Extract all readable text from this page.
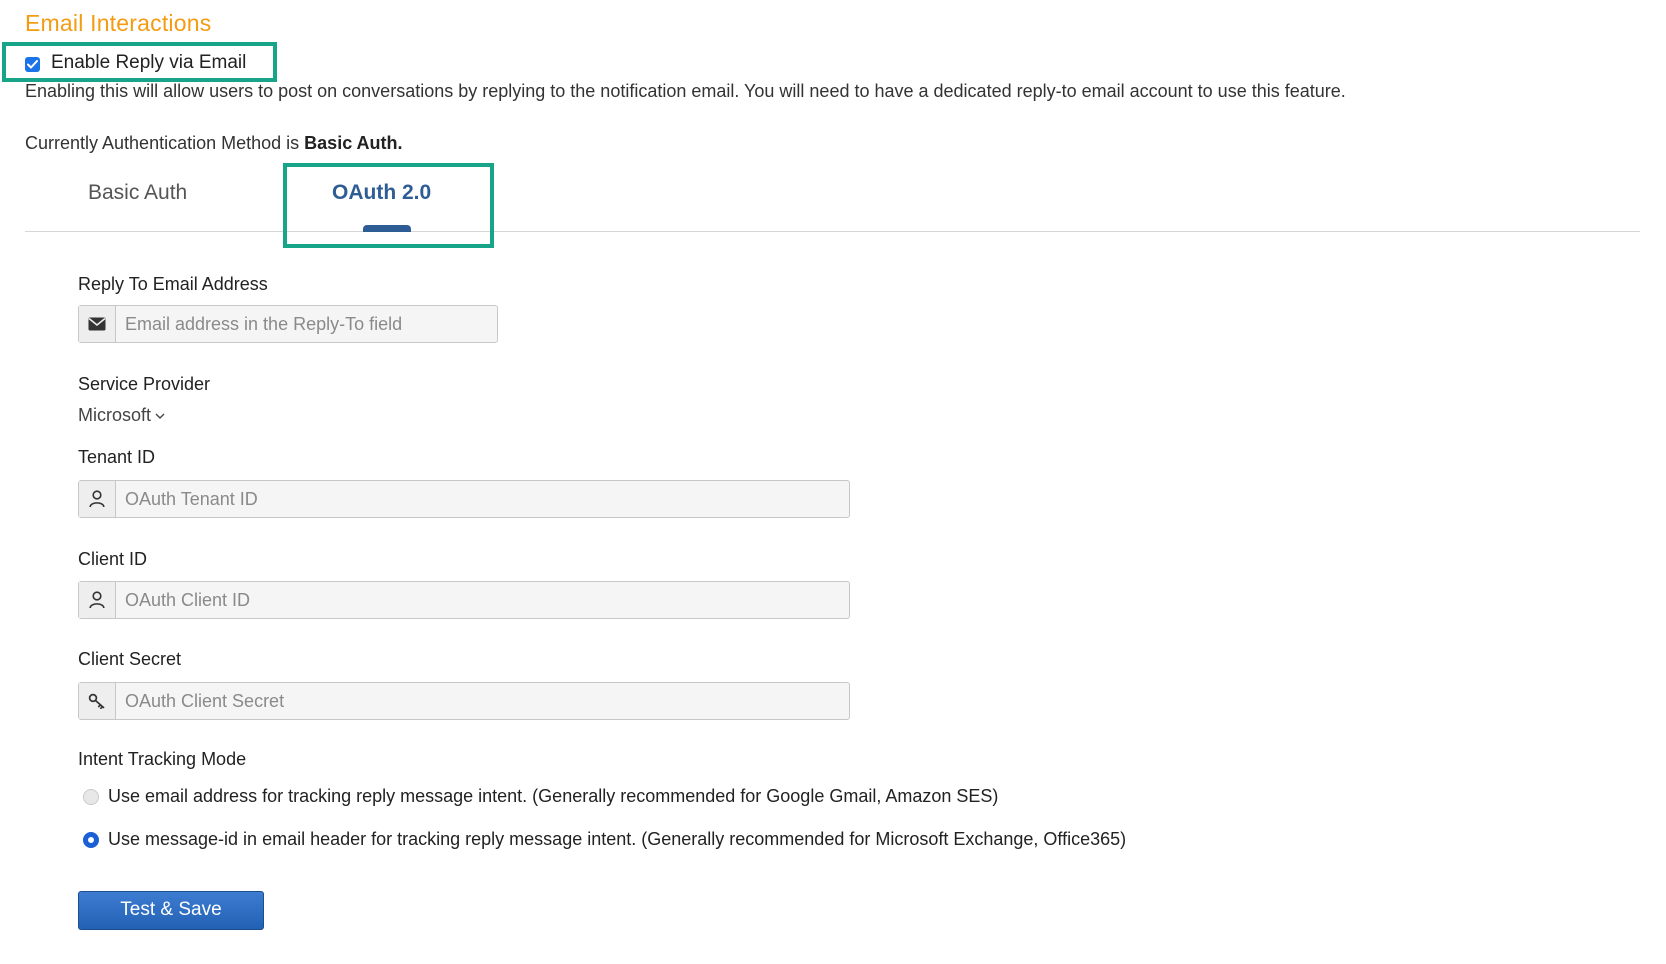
Email Interactions
Enable Reply via Email
Enabling this will allow users to post on conversations by replying to the notification email. You will need to have a dedicated reply-to email account to use this feature.
Currently Authentication Method is Basic Auth.
Basic Auth	OAuth 2.0
Reply To Email Address
Email address in the Reply-To field
Service Provider
Microsoft
Tenant ID
OAuth Tenant ID
Client ID
OAuth Client ID
Client Secret
OAuth Client Secret
Intent Tracking Mode
Use email address for tracking reply message intent. (Generally recommended for Google Gmail, Amazon SES)
Use message-id in email header for tracking reply message intent. (Generally recommended for Microsoft Exchange, Office365)
Test & Save
